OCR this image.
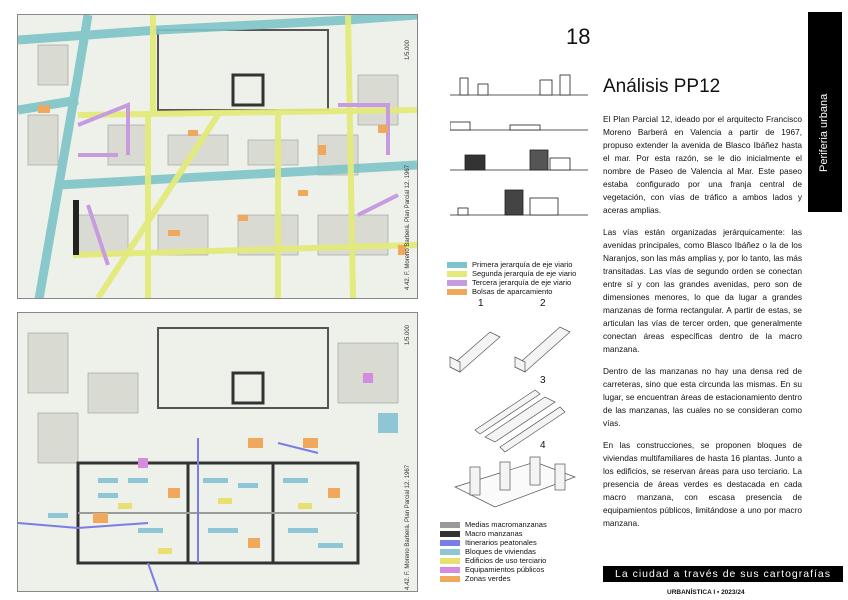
1/5.000
4.42. F. Moreno Barberá. Plan Parcial 12. 1967	Primera jerarquía de eje viario
Segunda jerarquía de eje viario
Tercera jerarquía de eje viario
Bolsas de aparcamiento
1/5.000
4.42. F. Moreno Barberá. Plan Parcial 12. 1967	Medias macromanzanas
Macro manzanas
Itinerarios peatonales
Bloques de viviendas
Edificios de uso terciario
Equipamientos públicos
Zonas verdes
1	2
3
4
18
Periferia urbana
Análisis PP12

El Plan Parcial 12, ideado por el arquitecto Francisco Moreno Barberá en Valencia a partir de 1967, propuso extender la avenida de Blasco Ibáñez hasta el mar. Por esta razón, se le dio inicialmente el nombre de Paseo de Valencia al Mar. Este paseo estaba configurado por una franja central de vegetación, con vías de tráfico a ambos lados y aceras amplias.

Las vías están organizadas jerárquicamente: las avenidas principales, como Blasco Ibáñez o la de los Naranjos, son las más amplias y, por lo tanto, las más transitadas. Las vías de segundo orden se conectan entre sí y con las grandes avenidas, pero son de dimensiones menores, lo que da lugar a grandes manzanas de forma rectangular. A partir de estas, se articulan las vías de tercer orden, que generalmente conectan áreas específicas dentro de la macro manzana.

Dentro de las manzanas no hay una densa red de carreteras, sino que esta circunda las mismas. En su lugar, se encuentran áreas de estacionamiento dentro de las manzanas, las cuales no se consideran como vías.

En las construcciones, se proponen bloques de viviendas multifamiliares de hasta 16 plantas. Junto a los edificios, se reservan áreas para uso terciario. La presencia de áreas verdes es destacada en cada macro manzana, con escasa presencia de equipamientos públicos, limitándose a uno por macro manzana.

La ciudad a través de sus cartografías
URBANÍSTICA I ▪ 2023/24
